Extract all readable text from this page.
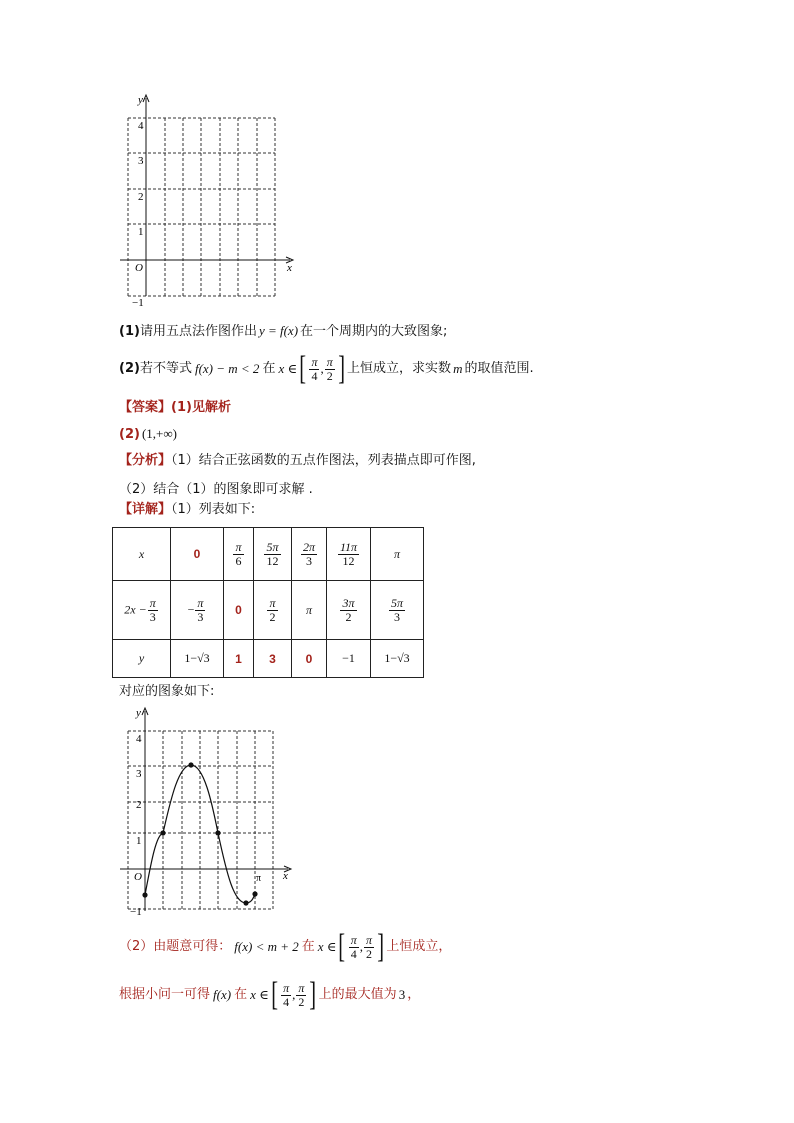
y
x
O
4
3
2
1
−1
(1)请用五点法作图作出 y = f(x) 在一个周期内的大致图象;
(2) 若不等式 f(x) − m < 2 在 x ∈ [ $\frac{\pi}{4}$ , $\frac{\pi}{2}$ ] 上恒成立，求实数 m 的取值范围.
【答案】(1)见解析
(2) (1,+∞)
【分析】（1）结合正弦函数的五点作图法，列表描点即可作图,
（2）结合（1）的图象即可求解 .
【详解】（1）列表如下:
x	0	$\frac{\pi}{6}$	$\frac{5\pi}{12}$	$\frac{2\pi}{3}$	$\frac{11\pi}{12}$	π
$2x - \frac{\pi}{3}$	− $\frac{\pi}{3}$	0	$\frac{\pi}{2}$	π	$\frac{3\pi}{2}$	$\frac{5\pi}{3}$

y	1−√3	1	3	0	−1	1−√3
对应的图象如下:
y
x
O	π
4
3
2
1
−1
（2）由题意可得： f(x) < m + 2 在 x ∈ [ $\frac{\pi}{4}$ , $\frac{\pi}{2}$ ] 上恒成立，
根据小问一可得 f(x) 在 x ∈ [ $\frac{\pi}{4}$ , $\frac{\pi}{2}$ ] 上的最大值为 3 ，
